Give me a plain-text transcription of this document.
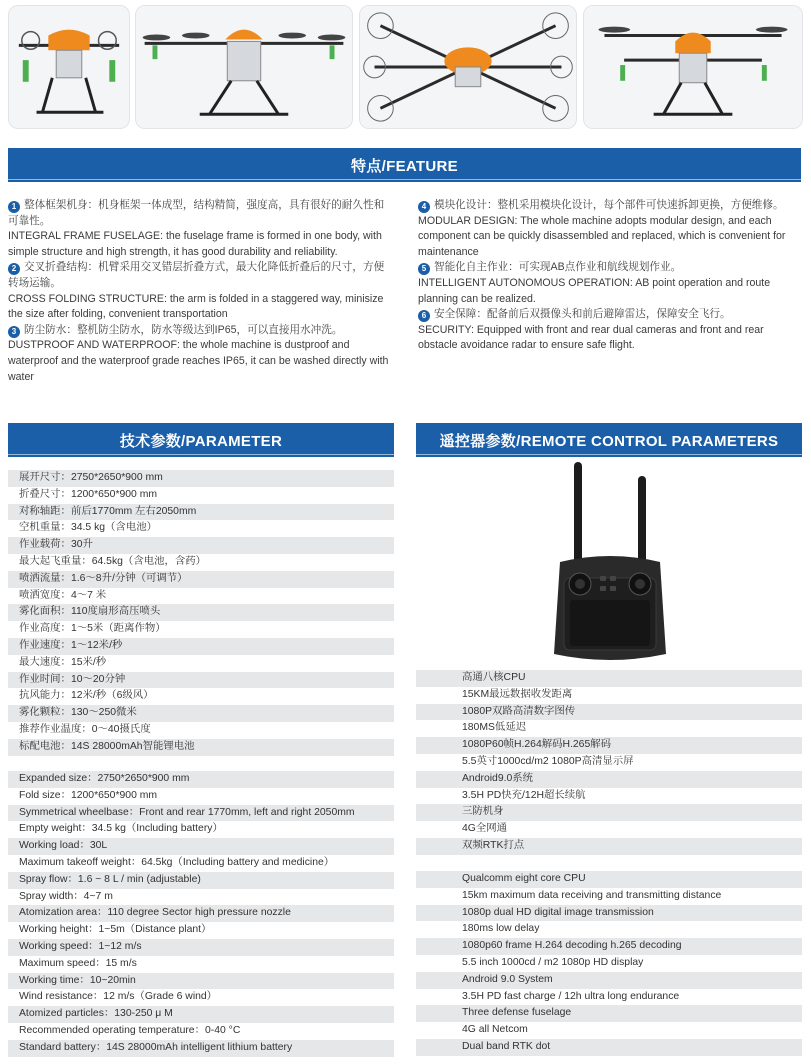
特点/FEATURE
1 整体框架机身：机身框架一体成型，结构精简，强度高，具有很好的耐久性和可靠性。
INTEGRAL FRAME FUSELAGE: the fuselage frame is formed in one body, with simple structure and high strength, it has good durability and reliability.
2 交叉折叠结构：机臂采用交叉错层折叠方式，最大化降低折叠后的尺寸，方便转场运输。
CROSS FOLDING STRUCTURE: the arm is folded in a staggered way, minisize the size after folding, convenient transportation
3 防尘防水：整机防尘防水，防水等级达到IP65，可以直接用水冲洗。
DUSTPROOF AND WATERPROOF: the whole machine is dustproof and waterproof and the waterproof grade reaches IP65, it can be washed directly with water
4 模块化设计：整机采用模块化设计，每个部件可快速拆卸更换，方便维修。
MODULAR DESIGN: The whole machine adopts modular design, and each component can be quickly disassembled and replaced, which is convenient for maintenance
5 智能化自主作业：可实现AB点作业和航线规划作业。
INTELLIGENT AUTONOMOUS OPERATION: AB point operation and route planning can be realized.
6 安全保障：配备前后双摄像头和前后避障雷达，保障安全飞行。
SECURITY: Equipped with front and rear dual cameras and front and rear obstacle avoidance radar to ensure safe flight.
技术参数/PARAMETER	遥控器参数/REMOTE CONTROL PARAMETERS
展开尺寸：2750*2650*900 mm
折叠尺寸：1200*650*900 mm
对称轴距：前后1770mm 左右2050mm
空机重量：34.5 kg（含电池）
作业载荷：30升
最大起飞重量：64.5kg（含电池，含药）
喷洒流量：1.6～8升/分钟（可调节）
喷洒宽度：4～7 米
雾化面积：110度扇形高压喷头
作业高度：1～5米（距离作物）
作业速度：1～12米/秒
最大速度：15米/秒
作业时间：10～20分钟
抗风能力：12米/秒（6级风）
雾化颗粒：130～250微米
推荐作业温度：0～40摄氏度
标配电池：14S 28000mAh智能锂电池
Expanded size：2750*2650*900 mm
Fold size：1200*650*900 mm
Symmetrical wheelbase：Front and rear 1770mm, left and right 2050mm
Empty weight：34.5 kg（Including battery）
Working load：30L
Maximum takeoff weight：64.5kg（Including battery and medicine）
Spray flow：1.6 ~ 8 L / min (adjustable)
Spray width：4~7 m
Atomization area：110 degree Sector high pressure nozzle
Working height：1~5m（Distance plant）
Working speed：1~12 m/s
Maximum speed：15 m/s
Working time：10~20min
Wind resistance：12 m/s（Grade 6 wind）
Atomized particles：130-250 μ M
Recommended operating temperature：0-40 °C
Standard battery：14S 28000mAh intelligent lithium battery
高通八核CPU
15KM最远数据收发距离
1080P双路高清数字图传
180MS低延迟
1080P60帧H.264解码H.265解码
5.5英寸1000cd/m2 1080P高清显示屏
Android9.0系统
3.5H PD快充/12H超长续航
三防机身
4G全网通
双频RTK打点
Qualcomm eight core CPU
15km maximum data receiving and transmitting distance
1080p dual HD digital image transmission
180ms low delay
1080p60 frame H.264 decoding h.265 decoding
5.5 inch 1000cd / m2 1080p HD display
Android 9.0 System
3.5H PD fast charge / 12h ultra long endurance
Three defense fuselage
4G all Netcom
Dual band RTK dot
